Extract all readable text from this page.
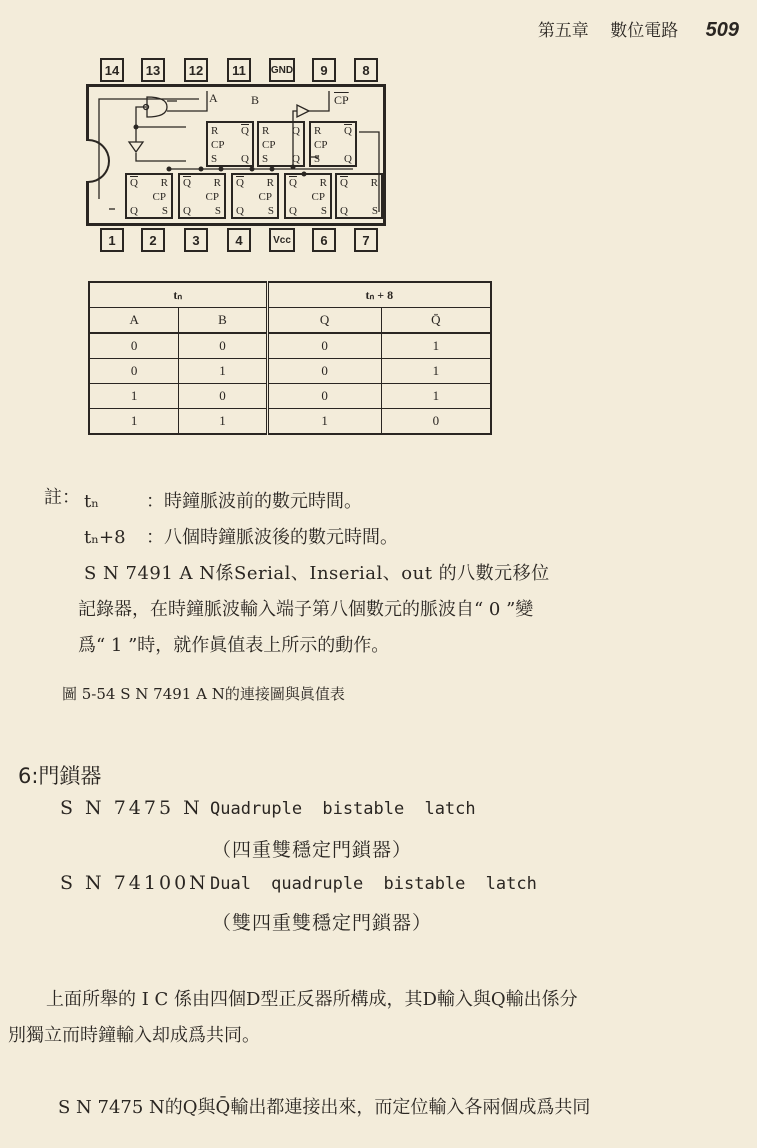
第五章 數位電路 509
14	13	12	11	GND	9	8
A	B	$\overline{CP}$
R
CP
S
$\overline{Q}$
Q
R
CP
S
Q
Q
R
CP
S
$\overline{Q}$
Q
$\overline{Q}$ R
CP
Q S
$\overline{Q}$ R
CP
Q S
$\overline{Q}$ R
CP
Q S
$\overline{Q}$ R
CP
Q S
$\overline{Q}$ R
Q S
1	2	3	4	Vcc	6	7
tₙ		tₙ + 8	
A	B	Q	Q̄
0	0	0	1
0	1	0	1
1	0	0	1
1	1	1	0
註： tₙ	：時鐘脈波前的數元時間。
tₙ+8 ：八個時鐘脈波後的數元時間。
S N 7491 A N係Serial、Inserial、out 的八數元移位
記錄器，在時鐘脈波輸入端子第八個數元的脈波自“ 0 ”變
爲“ 1 ”時，就作眞值表上所示的動作。
圖 5-54 S N 7491 A N的連接圖與眞值表
6:門鎖器
S N 7475 N Quadruple bistable latch
（四重雙穩定門鎖器）
S N 74100NDual quadruple bistable latch
（雙四重雙穩定門鎖器）
上面所舉的 I C 係由四個D型正反器所構成，其D輸入與Q輸出係分
別獨立而時鐘輸入却成爲共同。
S N 7475 N的Q與Q̄輸出都連接出來，而定位輸入各兩個成爲共同
